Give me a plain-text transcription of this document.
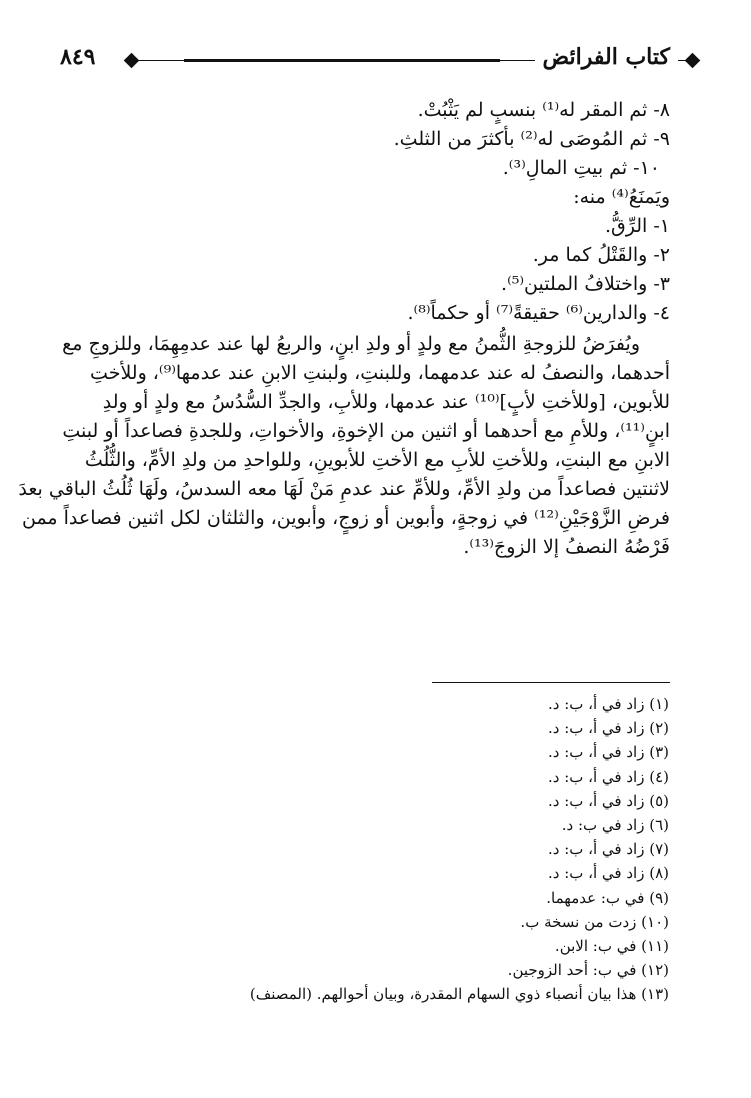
٨٤٩	كتاب الفرائض
٨- ثم المقر له⁽¹⁾ بنسبٍ لم يَثْبُتْ.
٩- ثم المُوصَى له⁽²⁾ بأكثرَ من الثلثِ.
١٠- ثم بيتِ المالِ⁽³⁾.
ويَمنَعُ⁽⁴⁾ منه:
١- الرِّقُّ.
٢- والقَتْلُ كما مر.
٣- واختلافُ الملتين⁽⁵⁾.
٤- والدارين⁽⁶⁾ حقيقةً⁽⁷⁾ أو حكماً⁽⁸⁾.
ويُفرَضُ للزوجةِ الثُّمنُ مع ولدٍ أو ولدِ ابنٍ، والربعُ لها عند عدمِهِمَا، وللزوجِ مع
أحدهما، والنصفُ له عند عدمهما، وللبنتِ، ولبنتِ الابنِ عند عدمها⁽⁹⁾، وللأختِ
للأبوين، [وللأختِ لأبٍ]⁽¹⁰⁾ عند عدمها، وللأبِ، والجدِّ السُّدُسُ مع ولدٍ أو ولدِ
ابنٍ⁽¹¹⁾، وللأمِ مع أحدهما أو اثنين من الإخوةِ، والأخواتِ، وللجدةِ فصاعداً أو لبنتِ
الابنِ مع البنتِ، وللأختِ للأبِ مع الأختِ للأبوينِ، وللواحدِ من ولدِ الأمِّ، والثُّلُثُ
لاثنتين فصاعداً من ولدِ الأمِّ، وللأمِّ عند عدمِ مَنْ لَهَا معه السدسُ، ولَهَا ثُلُثُ الباقي بعدَ
فرضِ الزَّوْجَيْنِ⁽¹²⁾ في زوجةٍ، وأبوين أو زوجٍ، وأبوين، والثلثان لكل اثنين فصاعداً ممن
فَرْضُهُ النصفُ إلا الزوجَ⁽¹³⁾.
(١) زاد في أ، ب: د.
(٢) زاد في أ، ب: د.
(٣) زاد في أ، ب: د.
(٤) زاد في أ، ب: د.
(٥) زاد في أ، ب: د.
(٦) زاد في ب: د.
(٧) زاد في أ، ب: د.
(٨) زاد في أ، ب: د.
(٩) في ب: عدمهما.
(١٠) زدت من نسخة ب.
(١١) في ب: الابن.
(١٢) في ب: أحد الزوجين.
(١٣) هذا بيان أنصباء ذوي السهام المقدرة، وبيان أحوالهم. (المصنف)
